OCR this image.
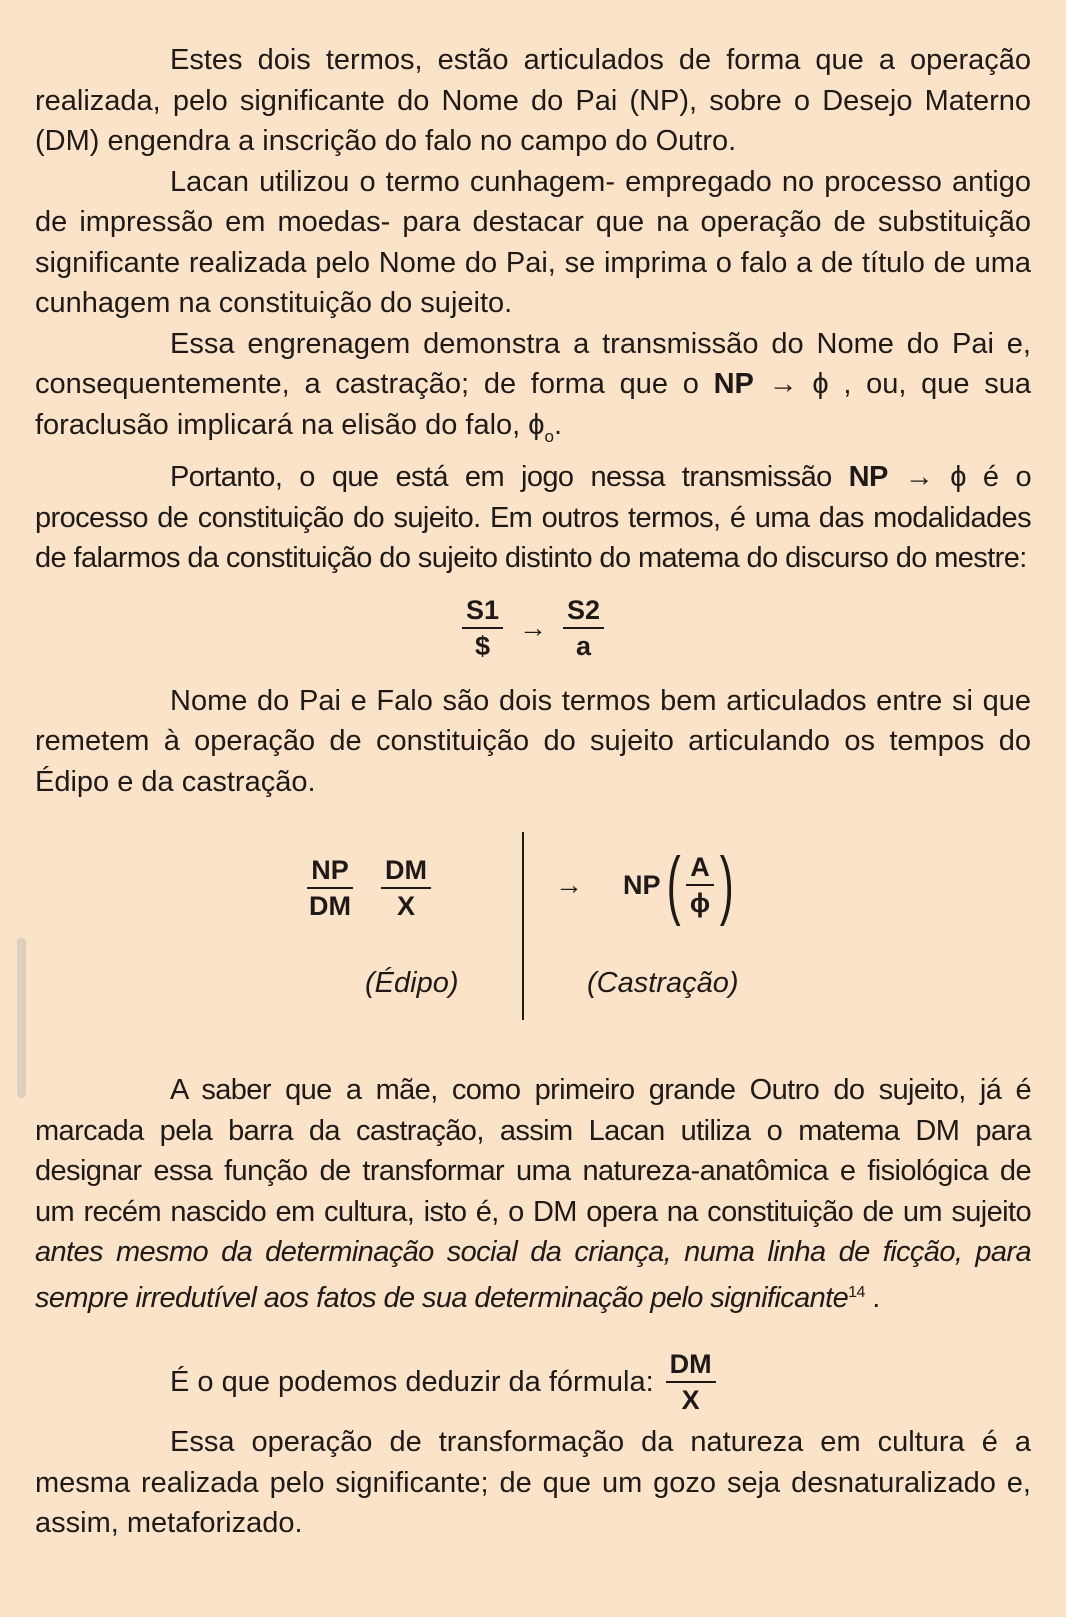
Estes dois termos, estão articulados de forma que a operação realizada, pelo significante do Nome do Pai (NP), sobre o Desejo Materno (DM) engendra a inscrição do falo no campo do Outro.

Lacan utilizou o termo cunhagem- empregado no processo antigo de impressão em moedas- para destacar que na operação de substituição significante realizada pelo Nome do Pai, se imprima o falo a de título de uma cunhagem na constituição do sujeito.

Essa engrenagem demonstra a transmissão do Nome do Pai e, consequentemente, a castração; de forma que o NP → ϕ , ou, que sua foraclusão implicará na elisão do falo, $\phi_o$.

Portanto, o que está em jogo nessa transmissão NP → ϕ é o processo de constituição do sujeito. Em outros termos, é uma das modalidades de falarmos da constituição do sujeito distinto do matema do discurso do mestre:

$\frac{S1}{\$} \to \frac{S2}{a}$

Nome do Pai e Falo são dois termos bem articulados entre si que remetem à operação de constituição do sujeito articulando os tempos do Édipo e da castração.

$\frac{NP}{DM} \frac{DM}{X}$	→ NP ( $\frac{A}{\phi}$ )
(Édipo)	(Castração)

A saber que a mãe, como primeiro grande Outro do sujeito, já é marcada pela barra da castração, assim Lacan utiliza o matema DM para designar essa função de transformar uma natureza-anatômica e fisiológica de um recém nascido em cultura, isto é, o DM opera na constituição de um sujeito antes mesmo da determinação social da criança, numa linha de ficção, para sempre irredutível aos fatos de sua determinação pelo significante$^{14}$ .

É o que podemos deduzir da fórmula: $\frac{DM}{X}$

Essa operação de transformação da natureza em cultura é a mesma realizada pelo significante; de que um gozo seja desnaturalizado e, assim, metaforizado.
